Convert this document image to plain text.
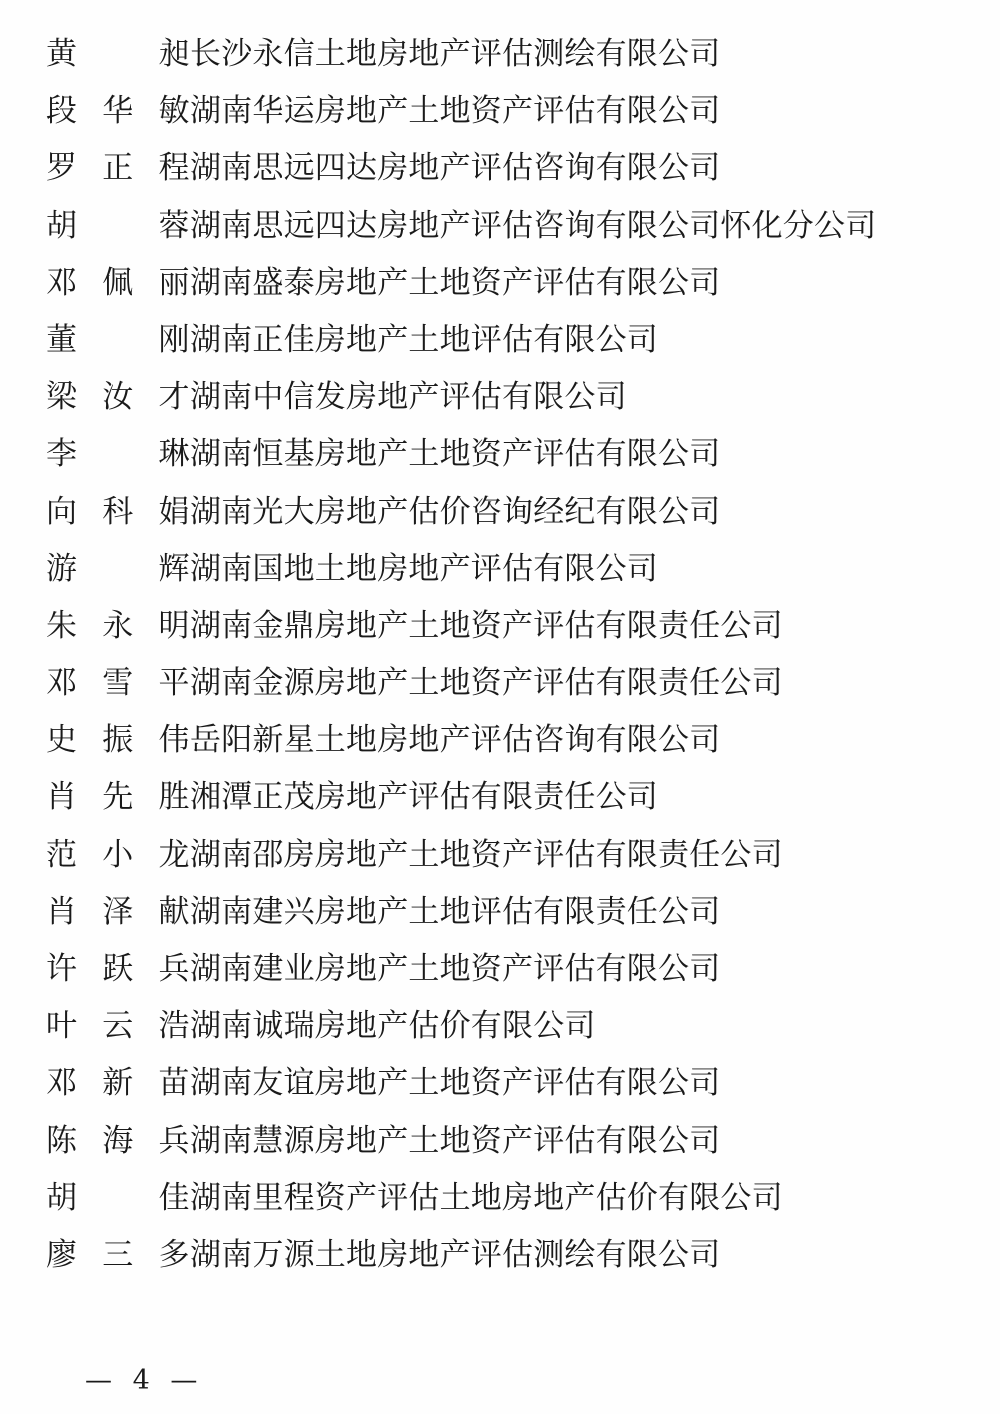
黄　昶 长沙永信土地房地产评估测绘有限公司
段华敏 湖南华运房地产土地资产评估有限公司
罗正程 湖南思远四达房地产评估咨询有限公司
胡　蓉 湖南思远四达房地产评估咨询有限公司怀化分公司
邓佩丽 湖南盛泰房地产土地资产评估有限公司
董　刚 湖南正佳房地产土地评估有限公司
梁汝才 湖南中信发房地产评估有限公司
李　琳 湖南恒基房地产土地资产评估有限公司
向科娟 湖南光大房地产估价咨询经纪有限公司
游　辉 湖南国地土地房地产评估有限公司
朱永明 湖南金鼎房地产土地资产评估有限责任公司
邓雪平 湖南金源房地产土地资产评估有限责任公司
史振伟 岳阳新星土地房地产评估咨询有限公司
肖先胜 湘潭正茂房地产评估有限责任公司
范小龙 湖南邵房房地产土地资产评估有限责任公司
肖泽献 湖南建兴房地产土地评估有限责任公司
许跃兵 湖南建业房地产土地资产评估有限公司
叶云浩 湖南诚瑞房地产估价有限公司
邓新苗 湖南友谊房地产土地资产评估有限公司
陈海兵 湖南慧源房地产土地资产评估有限公司
胡　佳 湖南里程资产评估土地房地产估价有限公司
廖三多 湖南万源土地房地产评估测绘有限公司
— 4 —
